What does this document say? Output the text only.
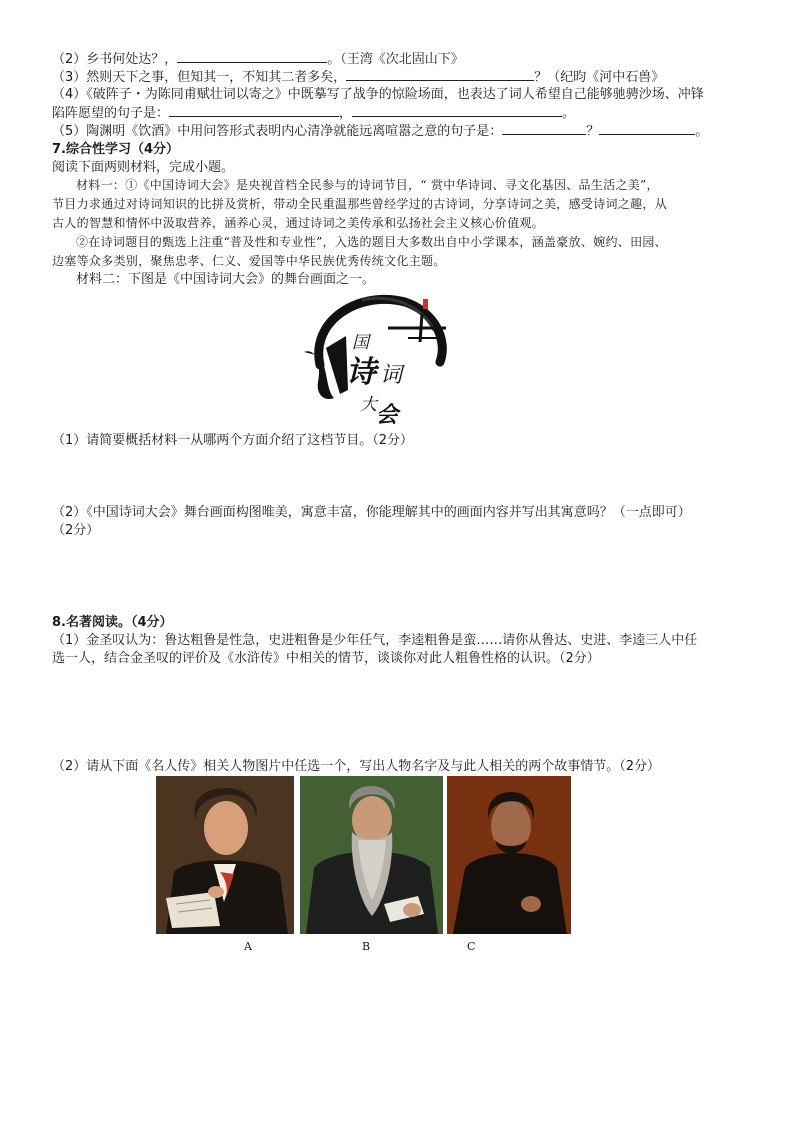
（2）乡书何处达？，	。（王湾《次北固山下》
（3）然则天下之事，但知其一，不知其二者多矣，	？（纪昀《河中石兽》
（4）《破阵子・为陈同甫赋壮词以寄之》中既摹写了战争的惊险场面，也表达了词人希望自己能够驰骋沙场、冲锋
陷阵愿望的句子是：	，	。
（5）陶渊明《饮酒》中用问答形式表明内心清净就能远离喧嚣之意的句子是：	？	。
7.综合性学习（4分）
阅读下面两则材料，完成小题。
材料一：①《中国诗词大会》是央视首档全民参与的诗词节目，“ 赏中华诗词、寻文化基因、品生活之美”，
节目力求通过对诗词知识的比拼及赏析，带动全民重温那些曾经学过的古诗词，分享诗词之美，感受诗词之趣，从
古人的智慧和情怀中汲取营养，涵养心灵，通过诗词之美传承和弘扬社会主义核心价值观。
②在诗词题目的甄选上注重“普及性和专业性”，入选的题目大多数出自中小学课本，涵盖豪放、婉约、田园、
边塞等众多类别，聚焦忠孝、仁义、爱国等中华民族优秀传统文化主题。
材料二：下图是《中国诗词大会》的舞台画面之一。
国
诗 词
大 会
（1）请简要概括材料一从哪两个方面介绍了这档节目。（2分）
（2）《中国诗词大会》舞台画面构图唯美，寓意丰富，你能理解其中的画面内容并写出其寓意吗？（一点即可）
（2分）
8.名著阅读。（4分）
（1）金圣叹认为：鲁达粗鲁是性急，史进粗鲁是少年任气，李逵粗鲁是蛮……请你从鲁达、史进、李逵三人中任
选一人，结合金圣叹的评价及《水浒传》中相关的情节，谈谈你对此人粗鲁性格的认识。（2分）
（2）请从下面《名人传》相关人物图片中任选一个，写出人物名字及与此人相关的两个故事情节。（2分）
A	B	C
